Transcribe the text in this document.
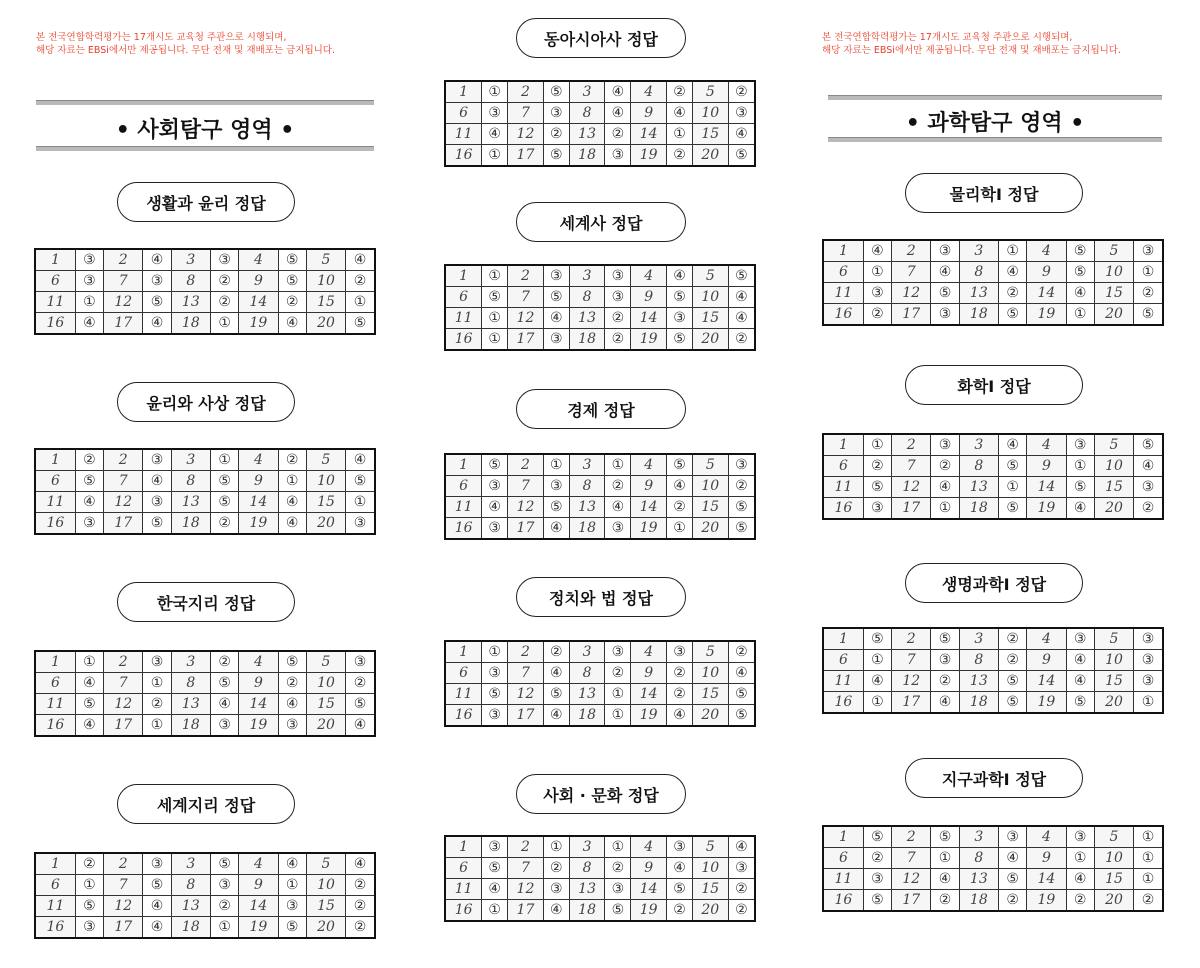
본 전국연합학력평가는 17개시도 교육청 주관으로 시행되며,
해당 자료는 EBSi에서만 제공됩니다. 무단 전재 및 재배포는 금지됩니다.
• 사회탐구 영역 •
본 전국연합학력평가는 17개시도 교육청 주관으로 시행되며,
해당 자료는 EBSi에서만 제공됩니다. 무단 전재 및 재배포는 금지됩니다.
• 과학탐구 영역 •
생활과 윤리 정답
1	③	2	④	3	③	4	⑤	5	④
6	③	7	③	8	②	9	⑤	10	②
11	①	12	⑤	13	②	14	②	15	①
16	④	17	④	18	①	19	④	20	⑤
윤리와 사상 정답
1	②	2	③	3	①	4	②	5	④
6	⑤	7	④	8	⑤	9	①	10	⑤
11	④	12	③	13	⑤	14	④	15	①
16	③	17	⑤	18	②	19	④	20	③
한국지리 정답
1	①	2	③	3	②	4	⑤	5	③
6	④	7	①	8	⑤	9	②	10	②
11	⑤	12	②	13	④	14	④	15	⑤
16	④	17	①	18	③	19	③	20	④
세계지리 정답
1	②	2	③	3	⑤	4	④	5	④
6	①	7	⑤	8	③	9	①	10	②
11	⑤	12	④	13	②	14	③	15	②
16	③	17	④	18	①	19	⑤	20	②
동아시아사 정답
1	①	2	⑤	3	④	4	②	5	②
6	③	7	③	8	④	9	④	10	③
11	④	12	②	13	②	14	①	15	④
16	①	17	⑤	18	③	19	②	20	⑤
세계사 정답
1	①	2	③	3	③	4	④	5	⑤
6	⑤	7	⑤	8	③	9	⑤	10	④
11	①	12	④	13	②	14	③	15	④
16	①	17	③	18	②	19	⑤	20	②
경제 정답
1	⑤	2	①	3	①	4	⑤	5	③
6	③	7	③	8	②	9	④	10	②
11	④	12	⑤	13	④	14	②	15	⑤
16	③	17	④	18	③	19	①	20	⑤
정치와 법 정답
1	①	2	②	3	③	4	③	5	②
6	③	7	④	8	②	9	②	10	④
11	⑤	12	⑤	13	①	14	②	15	⑤
16	③	17	④	18	①	19	④	20	⑤
사회 · 문화 정답
1	③	2	①	3	①	4	③	5	④
6	⑤	7	②	8	②	9	④	10	③
11	④	12	③	13	③	14	⑤	15	②
16	①	17	④	18	⑤	19	②	20	②
물리학Ⅰ 정답
1	④	2	③	3	①	4	⑤	5	③
6	①	7	④	8	④	9	⑤	10	①
11	③	12	⑤	13	②	14	④	15	②
16	②	17	③	18	⑤	19	①	20	⑤
화학Ⅰ 정답
1	①	2	③	3	④	4	③	5	⑤
6	②	7	②	8	⑤	9	①	10	④
11	⑤	12	④	13	①	14	⑤	15	③
16	③	17	①	18	⑤	19	④	20	②
생명과학Ⅰ 정답
1	⑤	2	⑤	3	②	4	③	5	③
6	①	7	③	8	②	9	④	10	③
11	④	12	②	13	⑤	14	④	15	③
16	①	17	④	18	⑤	19	⑤	20	①
지구과학Ⅰ 정답
1	⑤	2	⑤	3	③	4	③	5	①
6	②	7	①	8	④	9	①	10	①
11	③	12	④	13	⑤	14	④	15	①
16	⑤	17	②	18	②	19	②	20	②
